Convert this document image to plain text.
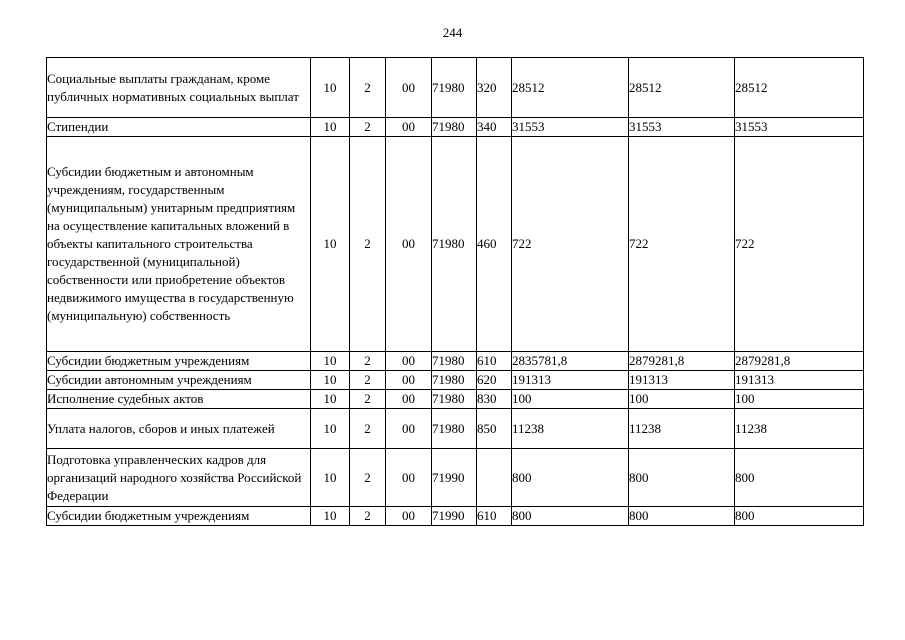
244
Социальные выплаты гражданам, кроме публичных нормативных социальных выплат	10	2	00	71980	320	28512	28512	28512
Стипендии	10	2	00	71980	340	31553	31553	31553
Субсидии бюджетным и автономным учреждениям, государственным (муниципальным) унитарным предприятиям на осуществление капитальных вложений в объекты капитального строительства государственной (муниципальной) собственности или приобретение объектов недвижимого имущества в государственную (муниципальную) собственность	10	2	00	71980	460	722	722	722
Субсидии бюджетным учреждениям	10	2	00	71980	610	2835781,8	2879281,8	2879281,8
Субсидии автономным учреждениям	10	2	00	71980	620	191313	191313	191313
Исполнение судебных актов	10	2	00	71980	830	100	100	100
Уплата налогов, сборов и иных платежей	10	2	00	71980	850	11238	11238	11238
Подготовка управленческих кадров для организаций народного хозяйства Российской Федерации	10	2	00	71990		800	800	800
Субсидии бюджетным учреждениям	10	2	00	71990	610	800	800	800
